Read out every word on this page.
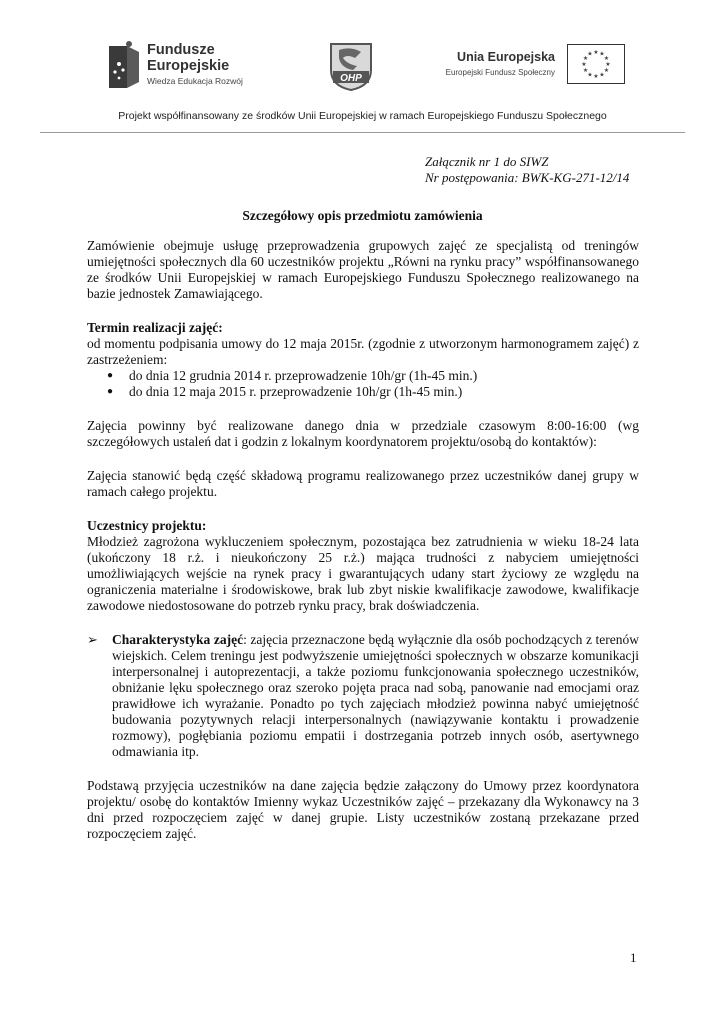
Fundusze
Europejskie
Wiedza Edukacja Rozwój	OHP
Unia Europejska
Europejski Fundusz Społeczny
★
★
★
★
★
★
★
★
★ ★ ★
★
Projekt współfinansowany ze środków Unii Europejskiej w ramach Europejskiego Funduszu Społecznego
Załącznik nr 1 do SIWZ
Nr postępowania: BWK-KG-271-12/14
Szczegółowy opis przedmiotu zamówienia

Zamówienie obejmuje usługę przeprowadzenia grupowych zajęć ze specjalistą od treningów umiejętności społecznych dla 60 uczestników projektu „Równi na rynku pracy” współfinansowanego ze środków Unii Europejskiej w ramach Europejskiego Funduszu Społecznego realizowanego na bazie jednostek Zamawiającego.

Termin realizacji zajęć:

od momentu podpisania umowy do 12 maja 2015r. (zgodnie z utworzonym harmonogramem zajęć) z zastrzeżeniem:

● do dnia 12 grudnia 2014 r. przeprowadzenie 10h/gr (1h-45 min.)
● do dnia 12 maja 2015 r. przeprowadzenie 10h/gr (1h-45 min.)

Zajęcia powinny być realizowane danego dnia w przedziale czasowym 8:00-16:00 (wg szczegółowych ustaleń dat i godzin z lokalnym koordynatorem projektu/osobą do kontaktów):

Zajęcia stanowić będą część składową programu realizowanego przez uczestników danej grupy w ramach całego projektu.

Uczestnicy projektu:

Młodzież zagrożona wykluczeniem społecznym, pozostająca bez zatrudnienia w wieku 18-24 lata (ukończony 18 r.ż. i nieukończony 25 r.ż.) mająca trudności z nabyciem umiejętności umożliwiających wejście na rynek pracy i gwarantujących udany start życiowy ze względu na ograniczenia materialne i środowiskowe, brak lub zbyt niskie kwalifikacje zawodowe, kwalifikacje zawodowe niedostosowane do potrzeb rynku pracy, brak doświadczenia.

➢ Charakterystyka zajęć: zajęcia przeznaczone będą wyłącznie dla osób pochodzących z terenów wiejskich. Celem treningu jest podwyższenie umiejętności społecznych w obszarze komunikacji interpersonalnej i autoprezentacji, a także poziomu funkcjonowania społecznego uczestników, obniżanie lęku społecznego oraz szeroko pojęta praca nad sobą, panowanie nad emocjami oraz prawidłowe ich wyrażanie. Ponadto po tych zajęciach młodzież powinna nabyć umiejętność budowania pozytywnych relacji interpersonalnych (nawiązywanie kontaktu i prowadzenie rozmowy), pogłębiania poziomu empatii i dostrzegania potrzeb innych osób, asertywnego odmawiania itp.

Podstawą przyjęcia uczestników na dane zajęcia będzie załączony do Umowy przez koordynatora projektu/ osobę do kontaktów Imienny wykaz Uczestników zajęć – przekazany dla Wykonawcy na 3 dni przed rozpoczęciem zajęć w danej grupie. Listy uczestników zostaną przekazane przed rozpoczęciem zajęć.

1
